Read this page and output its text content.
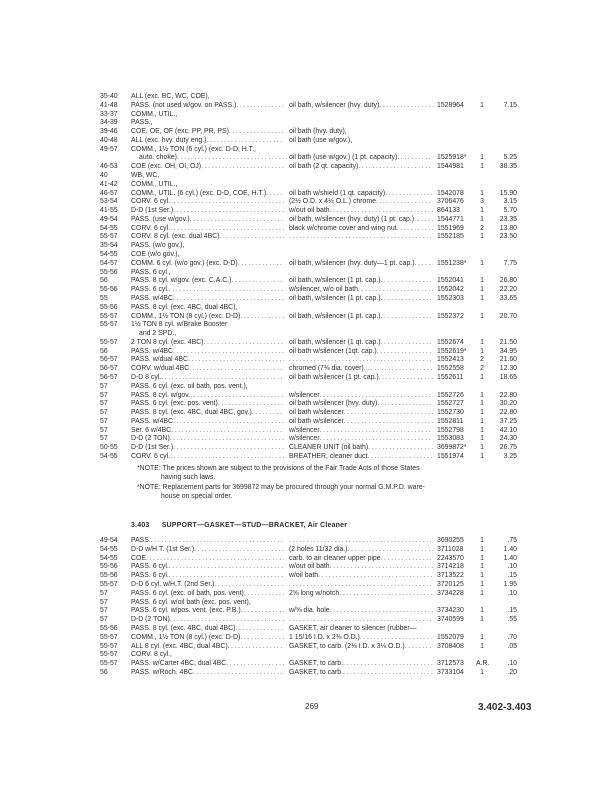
35-40 ALL (exc. BC, WC, COE),
41-48 PASS. (not used w/gov. on PASS.) .....	oil bath, w/silencer (hvy. duty) .....	1528964	1	7.15
33-37 COMM., UTIL.,
34-39 PASS.,
39-46 COE, OE, OF (exc. PP, PR, PS) .....	oil bath (hvy. duty),
40-48 ALL (exc. hvy. duty eng.) .....	oil bath (use w/gov.),
49-57 COMM., 1½ TON (6 cyl.) (exc. D-D, H.T.,
auto. choke) .....	oil bath (use w/gov.) (1 pt. capacity) .....	1525918*	1	5.25
46-53 COE (exc. OH, OI, OJ) .....	oil bath (2 qt. capacity) .....	1544981	1	38.35
40	WB, WC,
41-42 COMM., UTIL.,
46-57 COMM., UTIL. (6 cyl.) (exc. D-D, COE, H.T.) .....	oil bath w/shield (1 qt. capacity) .....	1542078	1	15.90
53-54 CORV. 6 cyl. .....	(2½ O.D. x 4½ O.L.) chrome .....	3706476	3	3.15
41-55 D-D (1st Ser.) .....	w/out oil bath .....	864133	1	5.70
49-54 PASS. (use w/gov.) .....	oil bath, w/silencer (hvy. duty) (1 pt. cap.) .....	1544771	1	23.35
54-55 CORV. 6 cyl. .....	black w/chrome cover and wing nut .....	1551969	2	13.80
55-57 CORV. 8 cyl. (exc. dual 4BC) ..... .....	1552185	1	23.50
35-54 PASS. (w/o gov.),
54-55 COE (w/o gov.),
54-57 COMM. 6 cyl. (w/o gov.) (exc. D-D) .....	oil bath, w/silencer (hvy. duty—1 pt. cap.) .....	1551238*	1	7.75
55-56 PASS. 6 cyl.,
56	PASS. 8 cyl. w/gov. (exc. C.A.C.) .....	oil bath, w/silencer (1 pt. cap.) .....	1552041	1	26.80
55-56 PASS. 6 cyl. .....	w/silencer, w/o oil bath .....	1552042	1	22.20
55	PASS. w/4BC .....	oil bath, w/silencer (1 pt. cap.) .....	1552303	1	33.65
55-56 PASS. 8 cyl. (exc. 4BC, dual 4BC),
55-57 COMM., 1½ TON (8 cyl.) (exc. D-D) .....	oil bath, w/silencer (1 pt. cap.) .....	1552372	1	20.70
55-57 1½ TON 8 cyl. w/Brake Booster
and 2 SPD.,
55-57 2 TON 8 cyl. (exc. 4BC) .....	oil bath, w/silencer (1 qt. cap.) .....	1552674	1	21.50
56	PASS. w/4BC .....	oil bath w/silencer (1qt. cap.) .....	1552619*	1	34.95
56-57 PASS. w/dual 4BC ..... .....	1552413	2	21.60
56-57 CORV. w/dual 4BC .....	chromed (7⅜ dia. cover) .....	1552558	2	12.30
56-57 D-D 8 cyl. .....	oil bath w/silencer (1 pt. cap.) .....	1552611	1	18.65
57	PASS. 6 cyl. (exc. oil bath, pos. vent.),
57	PASS. 8 cyl. w/gov. .....	w/silencer .....	1552726	1	22.80
57	PASS. 6 cyl. (exc. pos. vent) .....	oil bath w/silencer (hvy. duty) .....	1552727	1	30.20
57	PASS. 8 cyl. (exc. 4BC, dual 4BC, gov.) .....	oil bath w/silencer .....	1552730	1	22.80
57	PASS. w/4BC .....	oil bath w/silencer .....	1552811	1	37.25
57	Ser. 6 w/4BC .....	w/silencer .....	1552798	1	42.10
57	D-D (2 TON) .....	w/silencer .....	1553083	1	24.30
50-55 D-D (1st Ser.) .....	CLEANER UNIT (oil bath) .....	3699872*	1	26.75
54-55 CORV. 6 cyl. .....	BREATHER, cleaner duct .....	1551974	1	3.25
*NOTE: The prices shown are subject to the provisions of the Fair Trade Acts of those States
having such laws.
*NOTE: Replacement parts for 3699872 may be procured through your normal G.M.P.D. ware-
house on special order.
3.403 SUPPORT—GASKET—STUD—BRACKET, Air Cleaner
49-54 PASS. ..... .....	3690255	1	.75
54-55 D-D w/H.T. (1st Ser.) .....	(2 holes 11/32 dia.) .....	3711028	1	1.40
54-55 COE .....	carb. to air cleaner upper pipe .....	2243570	1	1.40
55-56 PASS. 6 cyl. .....	w/out oil bath .....	3714218	1	.10
55-56 PASS. 6 cyl. .....	w/oil bath .....	3713522	1	.15
55-57 D-D 6 cyl. w/H.T. (2nd Ser.) ..... .....	3720125	1	1.95
57	PASS. 6 cyl. (exc. oil bath, pos. vent) .....	2⅝ long w/notch .....	3734228	1	.10
57	PASS. 6 cyl. w/oil bath (exc. pos. vent),
57	PASS. 6 cyl. w/pos. vent. (exc. P.B.) .....	w/⅝ dia. hole .....	3734230	1	.15
57	D-D (2 TON) ..... .....	3740599	1	.55
55-56 PASS. 8 cyl. (exc. 4BC, dual 4BC) .....	GASKET, air cleaner to silencer (rubber—
55-57 COMM., 1½ TON (8 cyl.) (exc. D-D) .....	1 15/16 I.D. x 2⅜ O.D.) .....	1552079	1	.70
55-57 ALL 8 cyl. (exc. 4BC, dual 4BC) .....	GASKET, to carb. (2⅛ I.D. x 3⅛ O.D.) .....	3708408	1	.05
55-57 CORV. 8 cyl.,
55-57 PASS. w/Carter 4BC, dual 4BC .....	GASKET, to carb. .....	3712573 A.R.	.10
56	PASS. w/Roch. 4BC .....	GASKET, to carb. .....	3733104	1	.20
269	3.402-3.403
